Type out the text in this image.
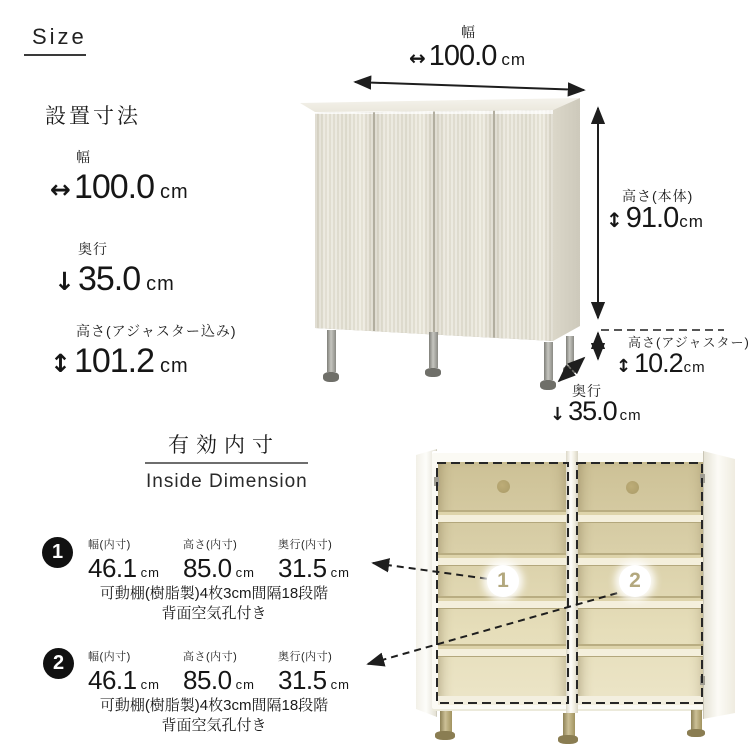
1	2
Size
設置寸法
幅
↔ 100.0 cm
奥行
↓ 35.0 cm
高さ(アジャスター込み)
↕ 101.2 cm
幅
↔ 100.0 cm
高さ(本体)
↕ 91.0 cm
高さ(アジャスター)
↕ 10.2 cm
奥行
↓ 35.0 cm
有効内寸
Inside Dimension
1	幅(内寸)
46.1 cm
高さ(内寸)
85.0 cm
奥行(内寸)
31.5 cm
可動棚(樹脂製)4枚3cm間隔18段階
背面空気孔付き
2	幅(内寸)
46.1 cm
高さ(内寸)
85.0 cm
奥行(内寸)
31.5 cm
可動棚(樹脂製)4枚3cm間隔18段階
背面空気孔付き
